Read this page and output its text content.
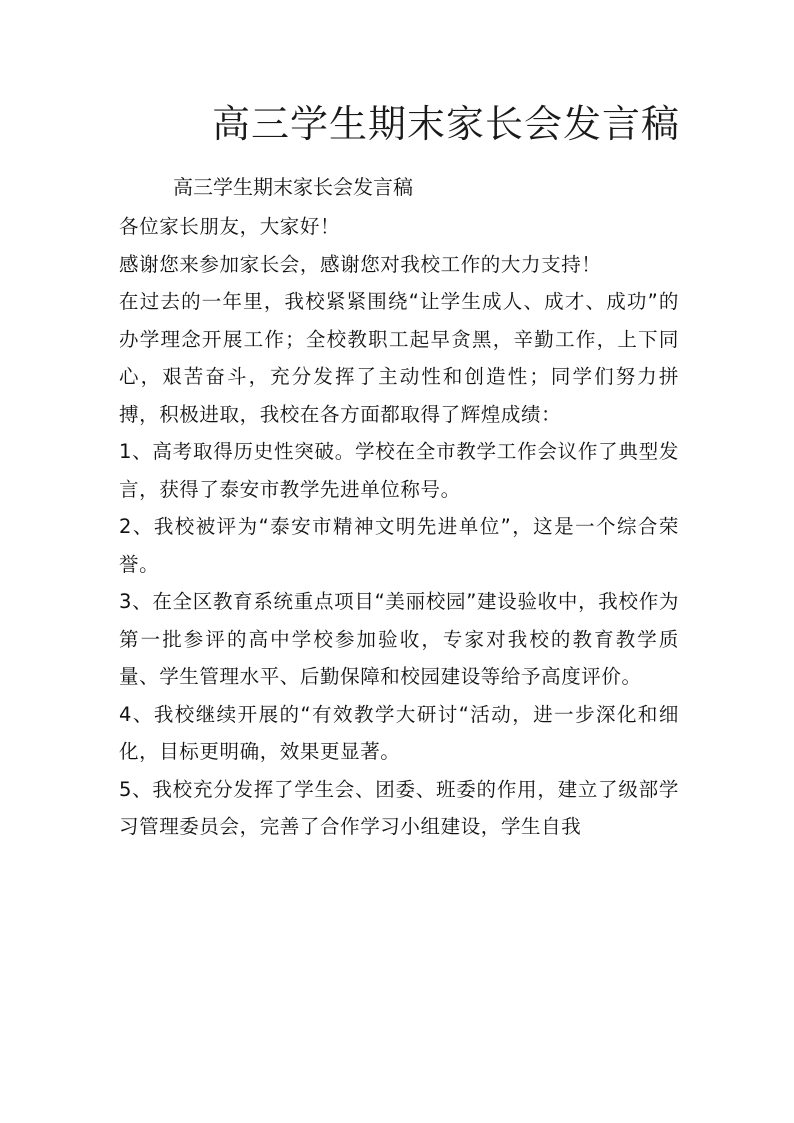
高三学生期末家长会发言稿
高三学生期末家长会发言稿

各位家长朋友，大家好！

感谢您来参加家长会，感谢您对我校工作的大力支持！

在过去的一年里，我校紧紧围绕“让学生成人、成才、成功”的办学理念开展工作；全校教职工起早贪黑，辛勤工作，上下同心，艰苦奋斗，充分发挥了主动性和创造性；同学们努力拼搏，积极进取，我校在各方面都取得了辉煌成绩：

1、高考取得历史性突破。学校在全市教学工作会议作了典型发言，获得了泰安市教学先进单位称号。

2、我校被评为“泰安市精神文明先进单位”，这是一个综合荣誉。

3、在全区教育系统重点项目“美丽校园”建设验收中，我校作为第一批参评的高中学校参加验收，专家对我校的教育教学质量、学生管理水平、后勤保障和校园建设等给予高度评价。

4、我校继续开展的“有效教学大研讨“活动，进一步深化和细化，目标更明确，效果更显著。

5、我校充分发挥了学生会、团委、班委的作用，建立了级部学习管理委员会，完善了合作学习小组建设，学生自我
